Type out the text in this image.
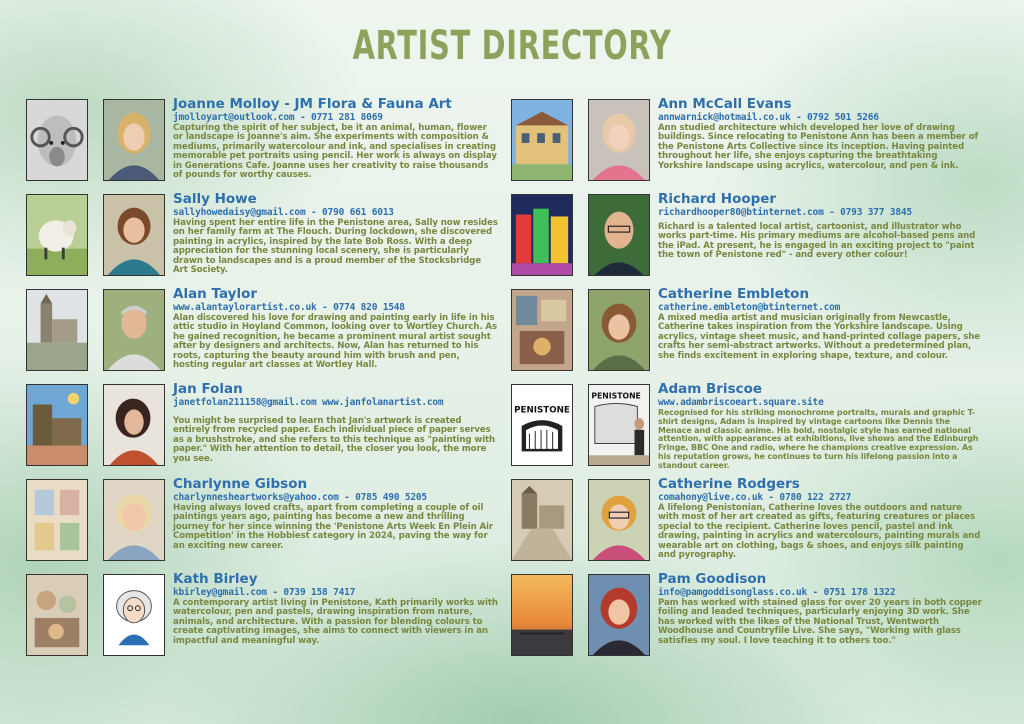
ARTIST DIRECTORY
Joanne Molloy - JM Flora & Fauna Art
jmolloyart@outlook.com - 0771 281 8069
Capturing the spirit of her subject, be it an animal, human, flower or landscape is Joanne's aim. She experiments with composition & mediums, primarily watercolour and ink, and specialises in creating memorable pet portraits using pencil. Her work is always on display in Generations Cafe. Joanne uses her creativity to raise thousands of pounds for worthy causes.
Sally Howe
sallyhowedaisy@gmail.com - 0790 661 6013
Having spent her entire life in the Penistone area, Sally now resides on her family farm at The Flouch. During lockdown, she discovered painting in acrylics, inspired by the late Bob Ross. With a deep appreciation for the stunning local scenery, she is particularly drawn to landscapes and is a proud member of the Stocksbridge Art Society.
Alan Taylor
www.alantaylorartist.co.uk - 0774 820 1548
Alan discovered his love for drawing and painting early in life in his attic studio in Hoyland Common, looking over to Wortley Church. As he gained recognition, he became a prominent mural artist sought after by designers and architects. Now, Alan has returned to his roots, capturing the beauty around him with brush and pen, hosting regular art classes at Wortley Hall.
Jan Folan
janetfolan211158@gmail.com www.janfolanartist.com
You might be surprised to learn that Jan's artwork is created entirely from recycled paper. Each individual piece of paper serves as a brushstroke, and she refers to this technique as "painting with paper." With her attention to detail, the closer you look, the more you see.
Charlynne Gibson
charlynnesheartworks@yahoo.com - 0785 490 5205
Having always loved crafts, apart from completing a couple of oil paintings years ago, painting has become a new and thrilling journey for her since winning the 'Penistone Arts Week En Plein Air Competition' in the Hobbiest category in 2024, paving the way for an exciting new career.
Kath Birley
kbirley@gmail.com - 0739 158 7417
A contemporary artist living in Penistone, Kath primarily works with watercolour, pen and pastels, drawing inspiration from nature, animals, and architecture. With a passion for blending colours to create captivating images, she aims to connect with viewers in an impactful and meaningful way.
Ann McCall Evans
annwarnick@hotmail.co.uk - 0792 501 5266
Ann studied architecture which developed her love of drawing buildings. Since relocating to Penistone Ann has been a member of the Penistone Arts Collective since its inception. Having painted throughout her life, she enjoys capturing the breathtaking Yorkshire landscape using acrylics, watercolour, and pen & ink.
Richard Hooper
richardhooper80@btinternet.com - 0793 377 3845
Richard is a talented local artist, cartoonist, and illustrator who works part-time. His primary mediums are alcohol-based pens and the iPad. At present, he is engaged in an exciting project to "paint the town of Penistone red" - and every other colour!
Catherine Embleton
catherine.embleton@btinternet.com
A mixed media artist and musician originally from Newcastle, Catherine takes inspiration from the Yorkshire landscape. Using acrylics, vintage sheet music, and hand-printed collage papers, she crafts her semi-abstract artworks. Without a predetermined plan, she finds excitement in exploring shape, texture, and colour.
PENISTONE
PENISTONE Adam Briscoe
www.adambriscoeart.square.site
Recognised for his striking monochrome portraits, murals and graphic T-shirt designs, Adam is inspired by vintage cartoons like Dennis the Menace and classic anime. His bold, nostalgic style has earned national attention, with appearances at exhibitions, live shows and the Edinburgh Fringe, BBC One and radio, where he champions creative expression. As his reputation grows, he continues to turn his lifelong passion into a standout career.
Catherine Rodgers
comahony@live.co.uk - 0780 122 2727
A lifelong Penistonian, Catherine loves the outdoors and nature with most of her art created as gifts, featuring creatures or places special to the recipient. Catherine loves pencil, pastel and ink drawing, painting in acrylics and watercolours, painting murals and wearable art on clothing, bags & shoes, and enjoys silk painting and pyrography.
Pam Goodison
info@pamgoddisonglass.co.uk - 0751 178 1322
Pam has worked with stained glass for over 20 years in both copper foiling and leaded techniques, particularly enjoying 3D work. She has worked with the likes of the National Trust, Wentworth Woodhouse and Countryfile Live. She says, "Working with glass satisfies my soul. I love teaching it to others too."
